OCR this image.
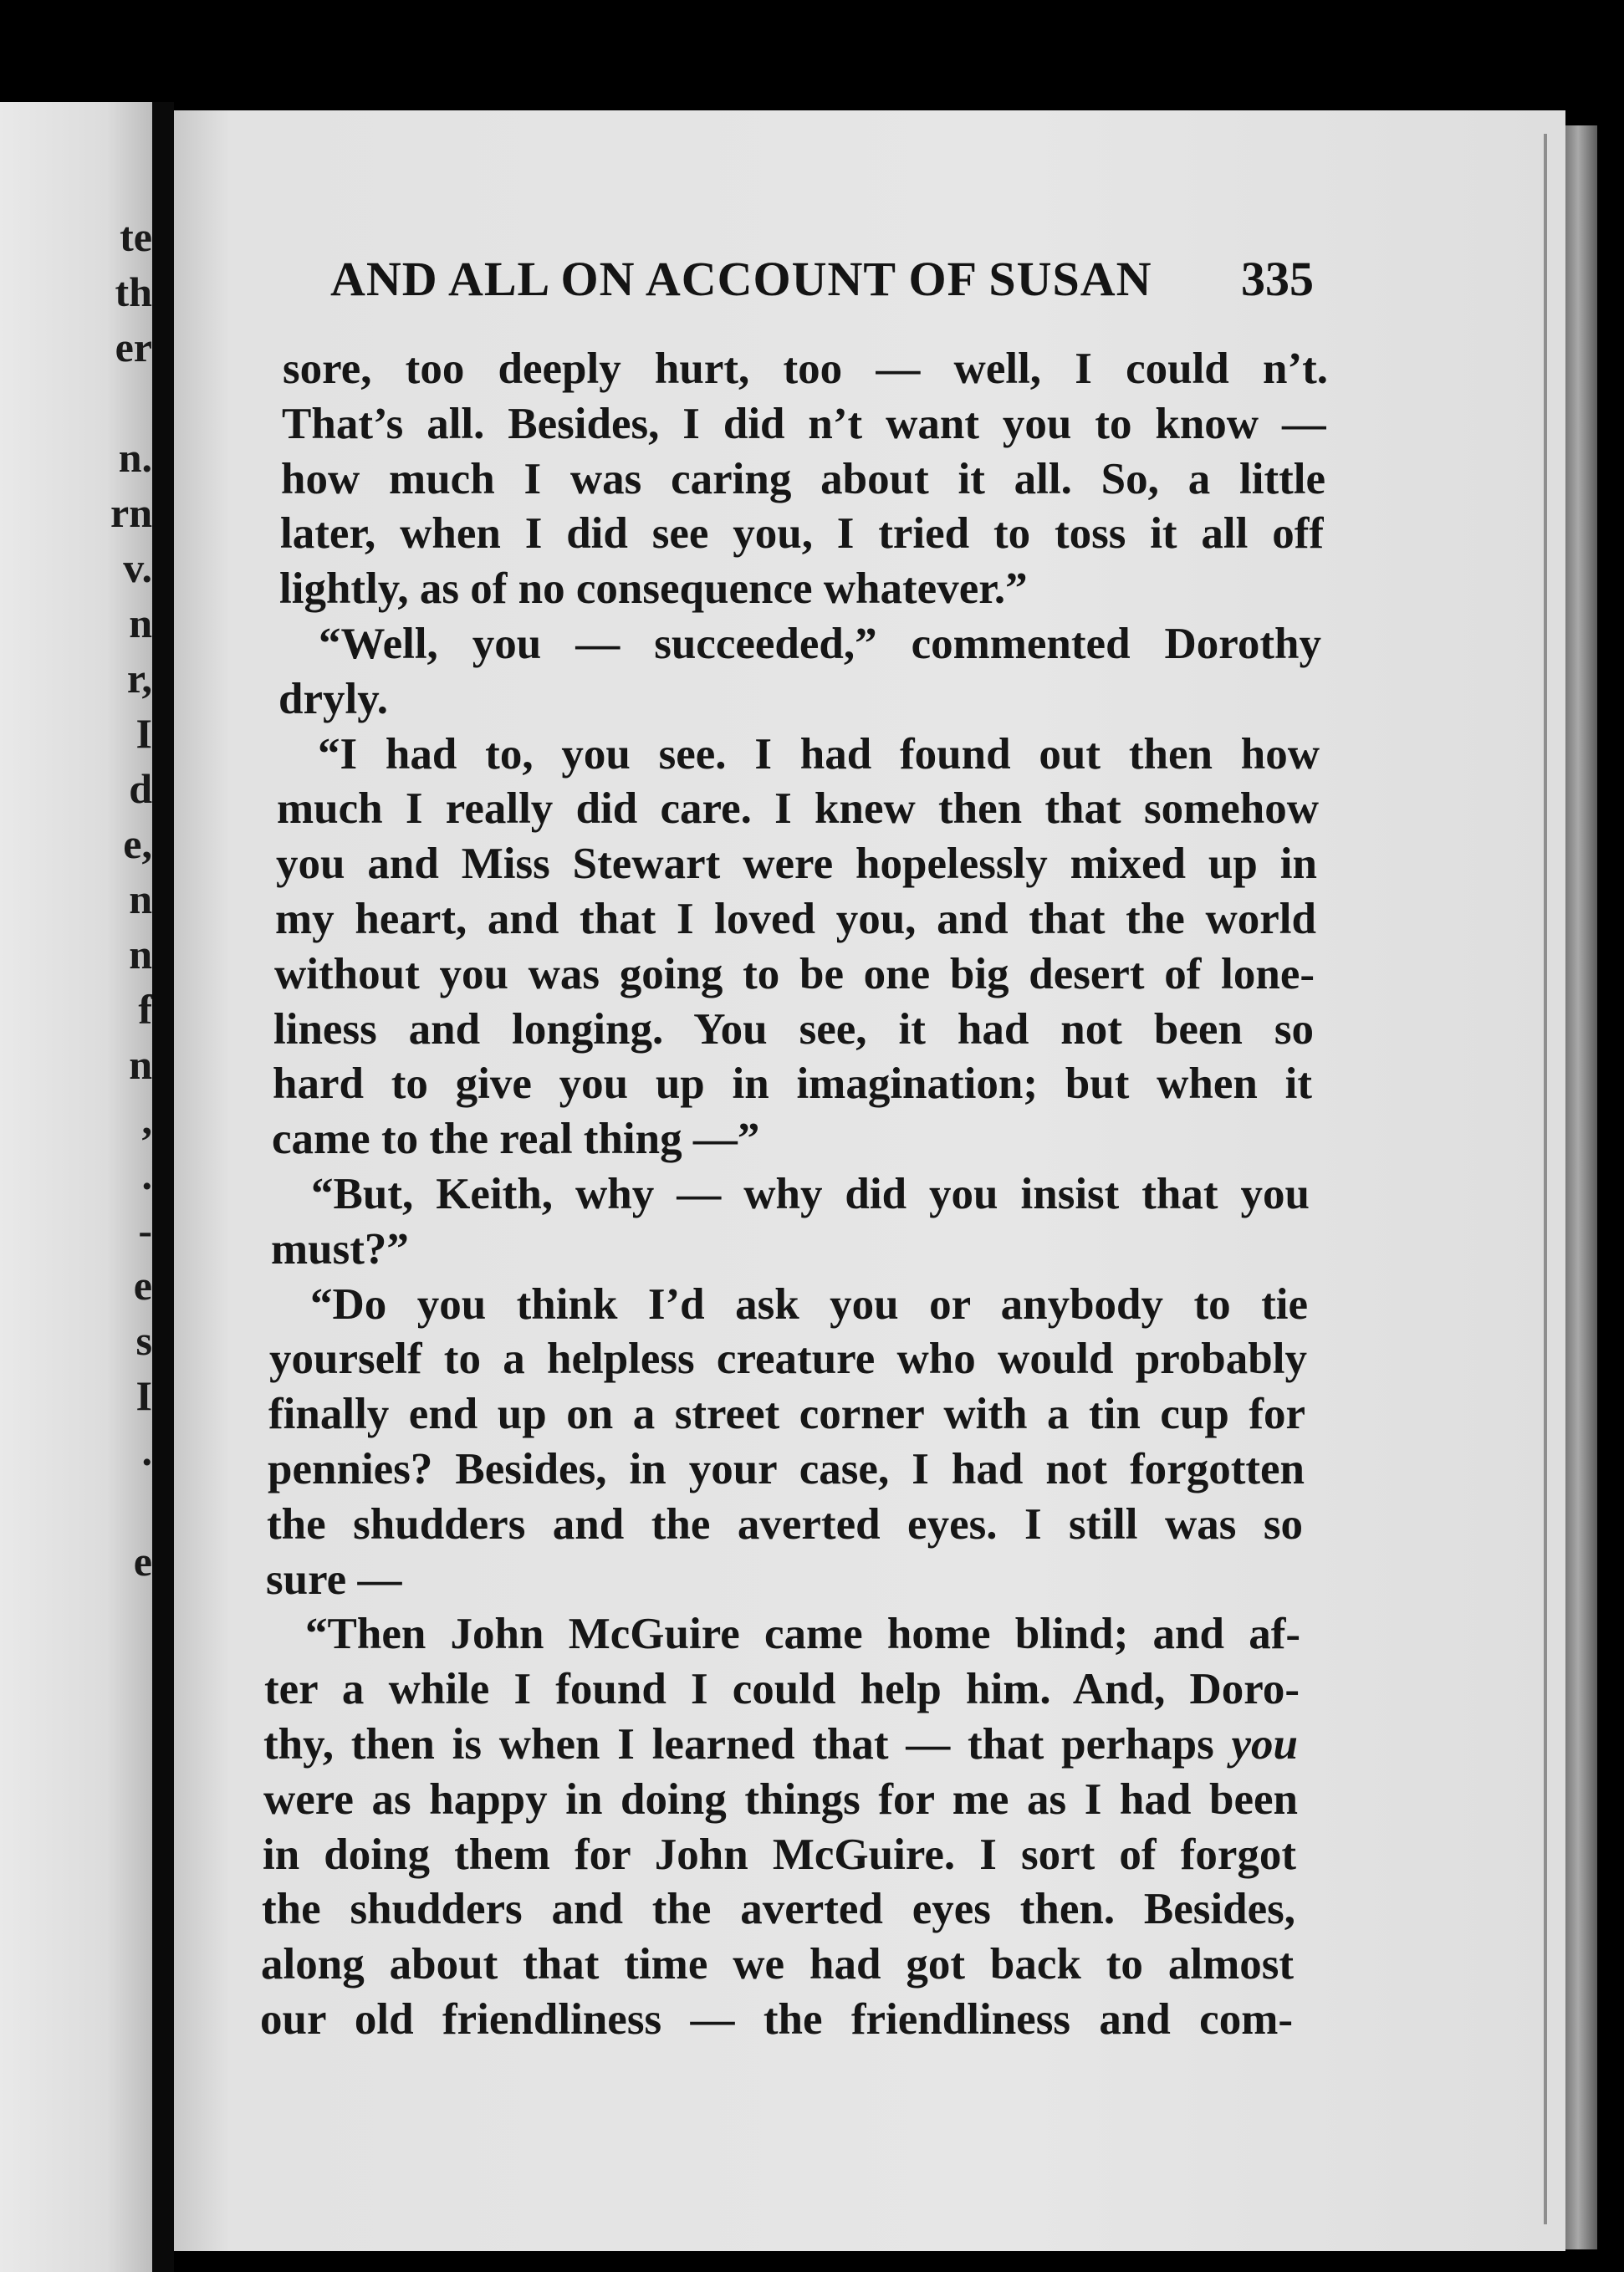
te
th
er
n.
rn
v.
n
r,
I
d
e,
n
n
f
n
,
.
-
e
s
I
.
e
AND ALL ON ACCOUNT OF SUSAN	335
sore, too deeply hurt, too — well, I could n’t.
That’s all. Besides, I did n’t want you to know —
how much I was caring about it all. So, a little
later, when I did see you, I tried to toss it all off
lightly, as of no consequence whatever.”
“Well, you — succeeded,” commented Dorothy
dryly.
“I had to, you see. I had found out then how
much I really did care. I knew then that somehow
you and Miss Stewart were hopelessly mixed up in
my heart, and that I loved you, and that the world
without you was going to be one big desert of lone-
liness and longing. You see, it had not been so
hard to give you up in imagination; but when it
came to the real thing —”
“But, Keith, why — why did you insist that you
must?”
“Do you think I’d ask you or anybody to tie
yourself to a helpless creature who would probably
finally end up on a street corner with a tin cup for
pennies? Besides, in your case, I had not forgotten
the shudders and the averted eyes. I still was so
sure —
“Then John McGuire came home blind; and af-
ter a while I found I could help him. And, Doro-
thy, then is when I learned that — that perhaps you
were as happy in doing things for me as I had been
in doing them for John McGuire. I sort of forgot
the shudders and the averted eyes then. Besides,
along about that time we had got back to almost
our old friendliness — the friendliness and com-
